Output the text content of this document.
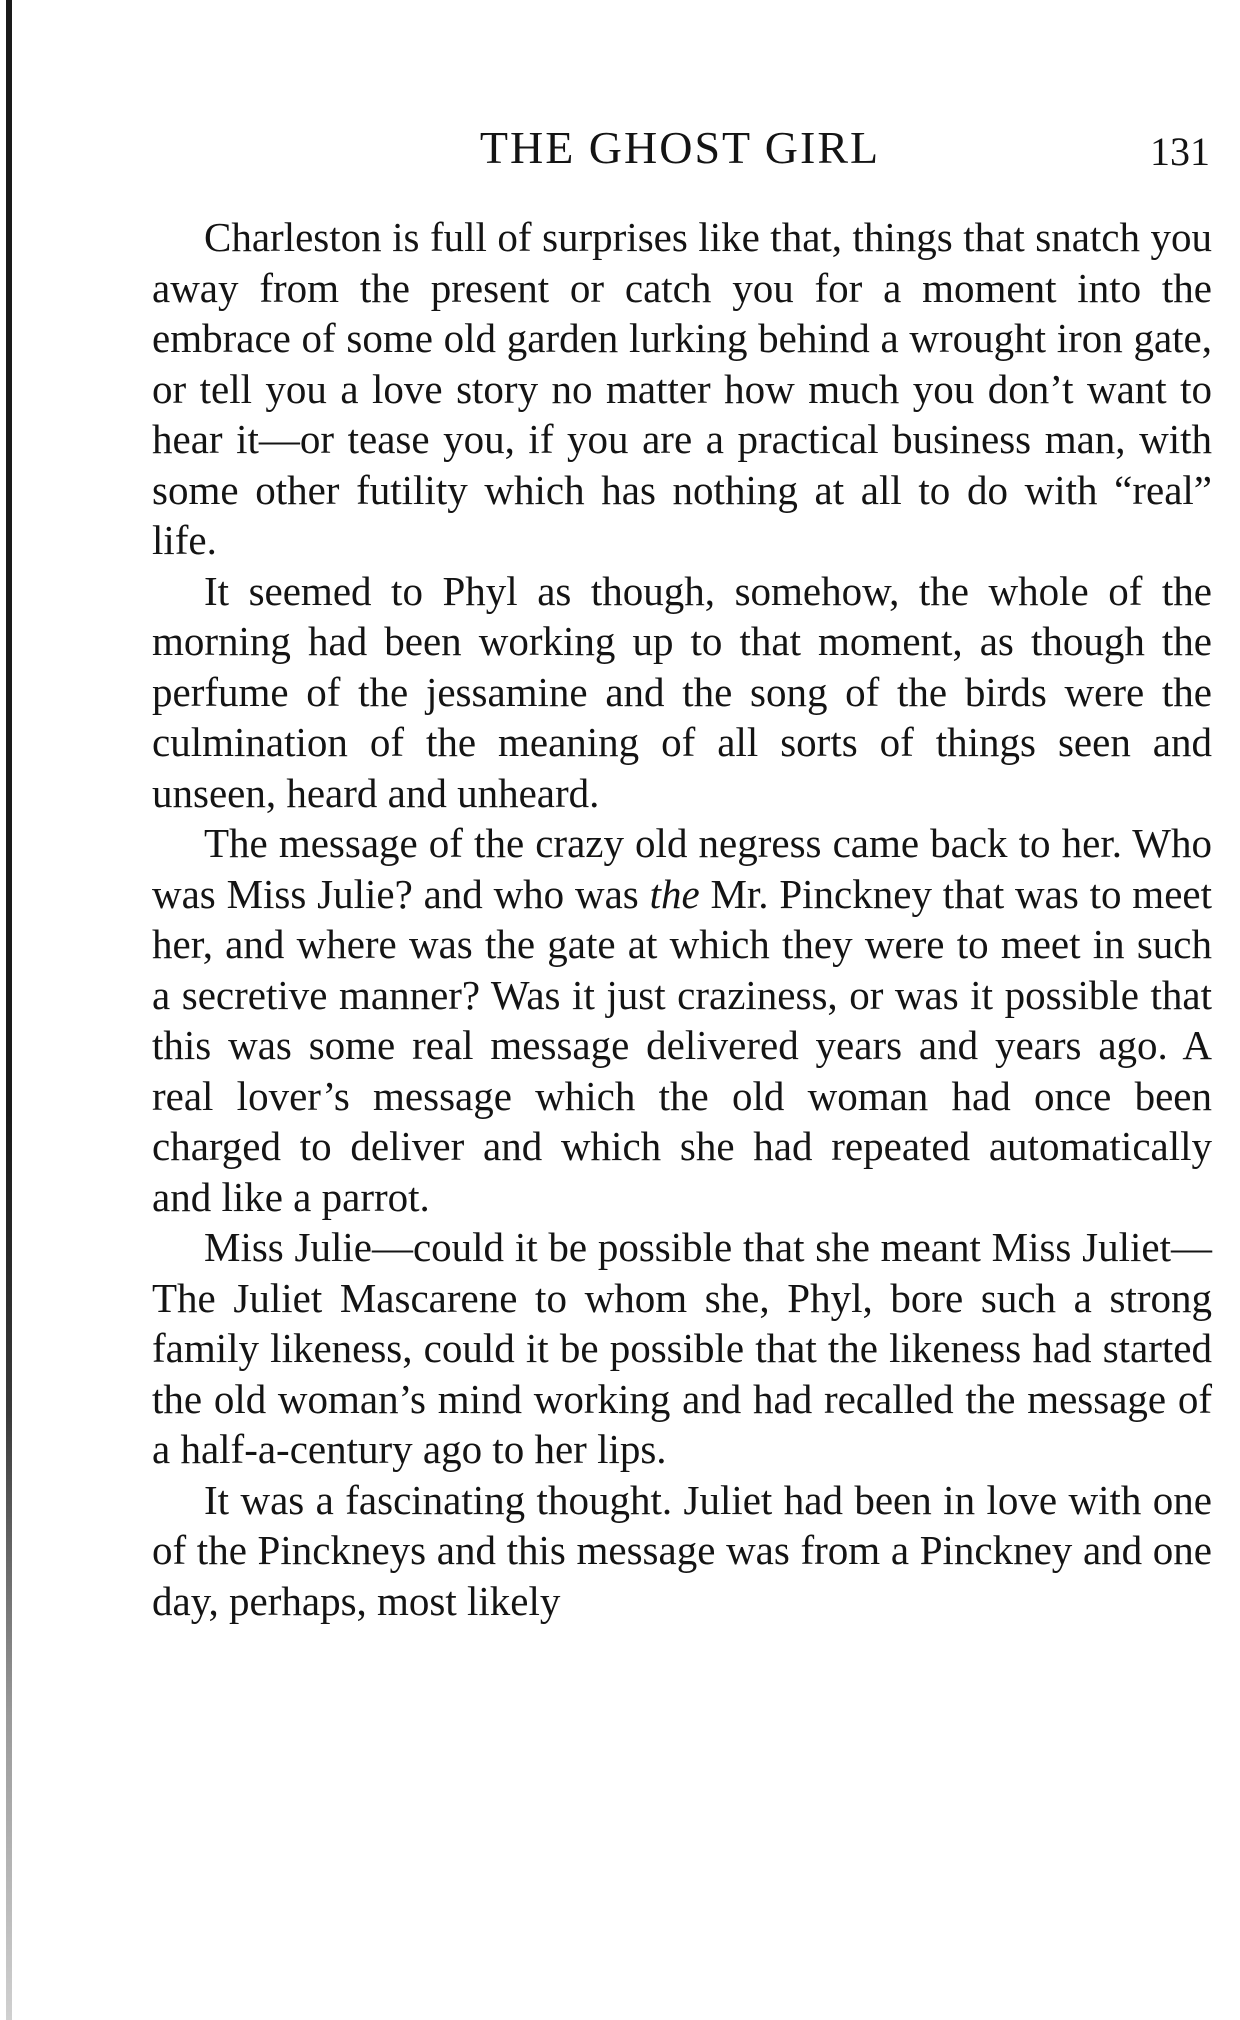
THE GHOST GIRL	131

Charleston is full of surprises like that, things that snatch you away from the present or catch you for a moment into the embrace of some old garden lurking behind a wrought iron gate, or tell you a love story no matter how much you don’t want to hear it—or tease you, if you are a practical business man, with some other futility which has nothing at all to do with “real” life.

It seemed to Phyl as though, somehow, the whole of the morning had been working up to that moment, as though the perfume of the jessamine and the song of the birds were the culmination of the meaning of all sorts of things seen and unseen, heard and unheard.

The message of the crazy old negress came back to her. Who was Miss Julie? and who was the Mr. Pinckney that was to meet her, and where was the gate at which they were to meet in such a secretive manner? Was it just craziness, or was it possible that this was some real message delivered years and years ago. A real lover’s message which the old woman had once been charged to deliver and which she had repeated automatically and like a parrot.

Miss Julie—could it be possible that she meant Miss Juliet—The Juliet Mascarene to whom she, Phyl, bore such a strong family likeness, could it be possible that the likeness had started the old woman’s mind working and had recalled the message of a half-a-century ago to her lips.

It was a fascinating thought. Juliet had been in love with one of the Pinckneys and this message was from a Pinckney and one day, perhaps, most likely
